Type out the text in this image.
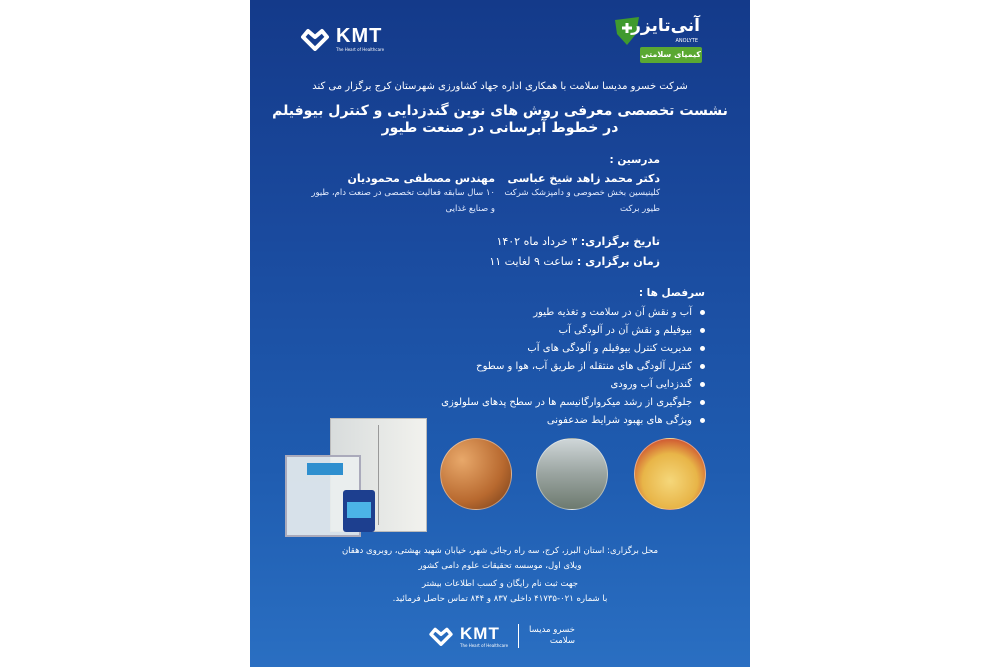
KMT
The Heart of Healthcare
آنی‌تایزر
ANOLYTE
کیمیای سلامتی
شرکت خسرو مدیسا سلامت با همکاری اداره جهاد کشاورزی شهرستان کرج برگزار می کند
نشست تخصصی معرفی روش های نوین گندزدایی و کنترل بیوفیلم
در خطوط آبرسانی در صنعت طیور
مدرسین :
دکتر محمد زاهد شیخ عباسی
کلینیسین بخش خصوصی و دامپزشک شرکت
طیور برکت
مهندس مصطفی محمودیان
۱۰ سال سابقه فعالیت تخصصی در صنعت دام، طیور
و صنایع غذایی
تاریخ برگزاری: ۳ خرداد ماه ۱۴۰۲
زمان برگزاری : ساعت ۹ لغایت ۱۱
سرفصل ها :
آب و نقش آن در سلامت و تغذیه طیور
بیوفیلم و نقش آن در آلودگی آب
مدیریت کنترل بیوفیلم و آلودگی های آب
کنترل آلودگی های منتقله از طریق آب، هوا و سطوح
گندزدایی آب ورودی
جلوگیری از رشد میکروارگانیسم ها در سطح پدهای سلولوزی
ویژگی های بهبود شرایط ضدعفونی
محل برگزاری: استان البرز، کرج، سه راه رجائی شهر، خیابان شهید بهشتی، روبروی دهقان
ویلای اول، موسسه تحقیقات علوم دامی کشور
جهت ثبت نام رایگان و کسب اطلاعات بیشتر
با شماره ۰۲۱-۴۱۷۳۵ داخلی ۸۳۷ و ۸۴۴ تماس حاصل فرمائید.
KMT
The Heart of Healthcare
خسرو مدیسا
سلامت
